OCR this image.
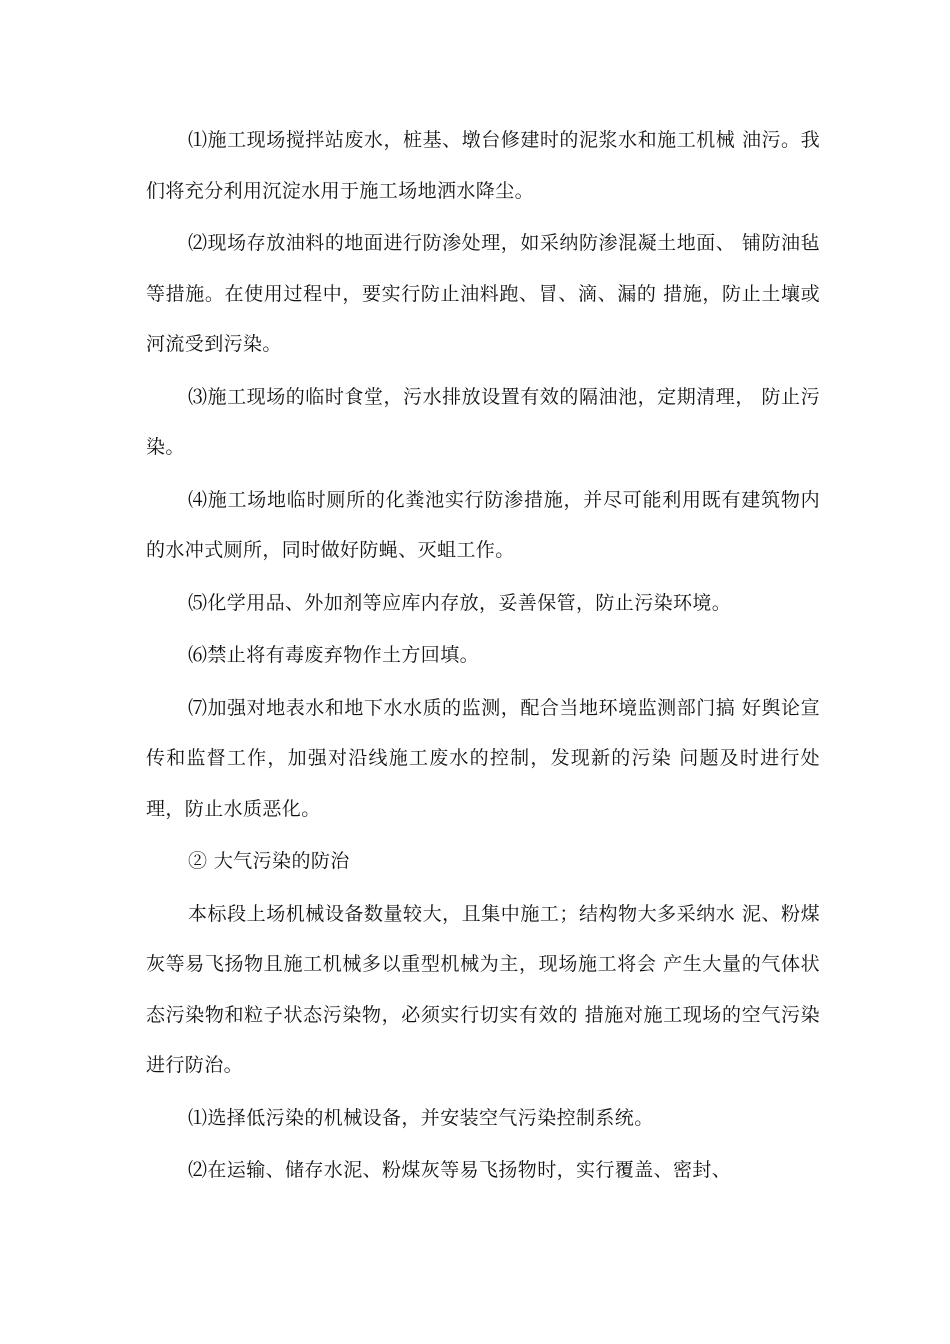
⑴施工现场搅拌站废水，桩基、墩台修建时的泥浆水和施工机械 油污。我们将充分利用沉淀水用于施工场地洒水降尘。

⑵现场存放油料的地面进行防渗处理，如采纳防渗混凝土地面、 铺防油毡等措施。在使用过程中，要实行防止油料跑、冒、滴、漏的 措施，防止土壤或河流受到污染。

⑶施工现场的临时食堂，污水排放设置有效的隔油池，定期清理， 防止污染。

⑷施工场地临时厕所的化粪池实行防渗措施，并尽可能利用既有建筑物内的水冲式厕所，同时做好防蝇、灭蛆工作。

⑸化学用品、外加剂等应库内存放，妥善保管，防止污染环境。

⑹禁止将有毒废弃物作土方回填。

⑺加强对地表水和地下水水质的监测，配合当地环境监测部门搞 好舆论宣传和监督工作，加强对沿线施工废水的控制，发现新的污染 问题及时进行处理，防止水质恶化。

② 大气污染的防治

本标段上场机械设备数量较大，且集中施工；结构物大多采纳水 泥、粉煤灰等易飞扬物且施工机械多以重型机械为主，现场施工将会 产生大量的气体状态污染物和粒子状态污染物，必须实行切实有效的 措施对施工现场的空气污染进行防治。

⑴选择低污染的机械设备，并安装空气污染控制系统。

⑵在运输、储存水泥、粉煤灰等易飞扬物时，实行覆盖、密封、
